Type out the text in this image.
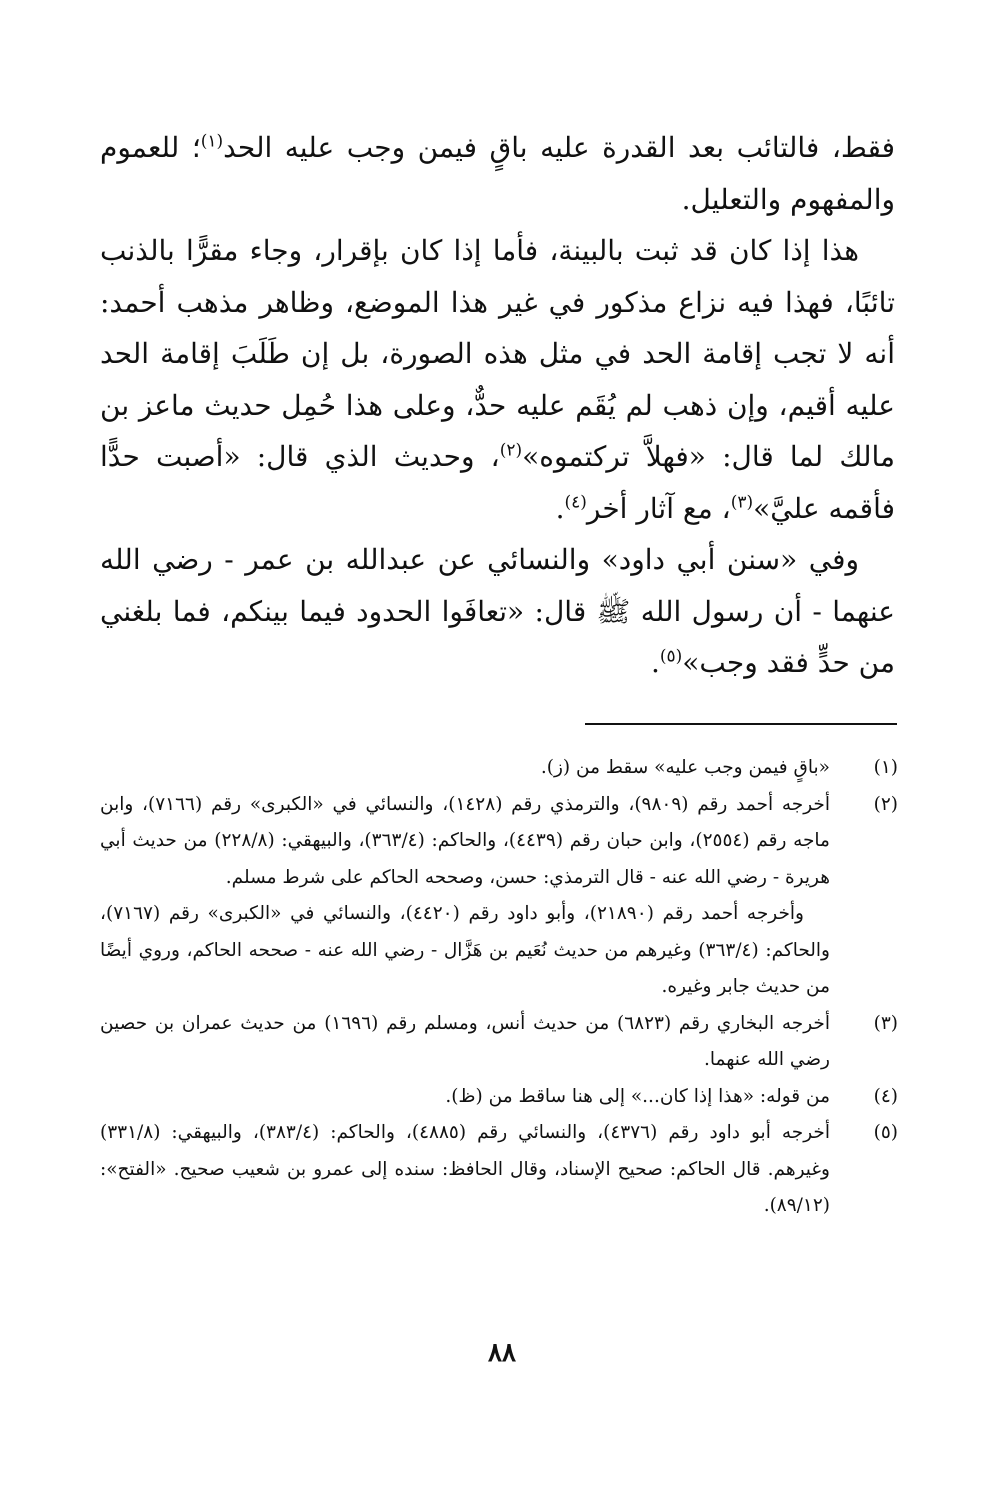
فقط، فالتائب بعد القدرة عليه باقٍ فيمن وجب عليه الحد$^{(١)}$؛ للعموم والمفهوم والتعليل.

هذا إذا كان قد ثبت بالبينة، فأما إذا كان بإقرار، وجاء مقرًّا بالذنب تائبًا، فهذا فيه نزاع مذكور في غير هذا الموضع، وظاهر مذهب أحمد: أنه لا تجب إقامة الحد في مثل هذه الصورة، بل إن طَلَبَ إقامة الحد عليه أقيم، وإن ذهب لم يُقَم عليه حدٌّ، وعلى هذا حُمِل حديث ماعز بن مالك لما قال: «فهلاَّ تركتموه»$^{(٢)}$، وحديث الذي قال: «أصبت حدًّا فأقمه عليَّ»$^{(٣)}$، مع آثار أخر$^{(٤)}$.

وفي «سنن أبي داود» والنسائي عن عبدالله بن عمر - رضي الله عنهما - أن رسول الله ﷺ قال: «تعافَوا الحدود فيما بينكم، فما بلغني من حدٍّ فقد وجب»$^{(٥)}$.

(١)
«باقٍ فيمن وجب عليه» سقط من (ز).
(٢)

أخرجه أحمد رقم (٩٨٠٩)، والترمذي رقم (١٤٢٨)، والنسائي في «الكبرى» رقم (٧١٦٦)، وابن ماجه رقم (٢٥٥٤)، وابن حبان رقم (٤٤٣٩)، والحاكم: (٣٦٣/٤)، والبيهقي: (٢٢٨/٨) من حديث أبي هريرة - رضي الله عنه - قال الترمذي: حسن، وصححه الحاكم على شرط مسلم.

وأخرجه أحمد رقم (٢١٨٩٠)، وأبو داود رقم (٤٤٢٠)، والنسائي في «الكبرى» رقم (٧١٦٧)، والحاكم: (٣٦٣/٤) وغيرهم من حديث نُعَيم بن هَزَّال - رضي الله عنه - صححه الحاكم، وروي أيضًا من حديث جابر وغيره.

(٣)
أخرجه البخاري رقم (٦٨٢٣) من حديث أنس، ومسلم رقم (١٦٩٦) من حديث عمران بن حصين رضي الله عنهما.
(٤)
من قوله: «هذا إذا كان...» إلى هنا ساقط من (ظ).
(٥)
أخرجه أبو داود رقم (٤٣٧٦)، والنسائي رقم (٤٨٨٥)، والحاكم: (٣٨٣/٤)، والبيهقي: (٣٣١/٨) وغيرهم. قال الحاكم: صحيح الإسناد، وقال الحافظ: سنده إلى عمرو بن شعيب صحيح. «الفتح»: (٨٩/١٢).
٨٨
